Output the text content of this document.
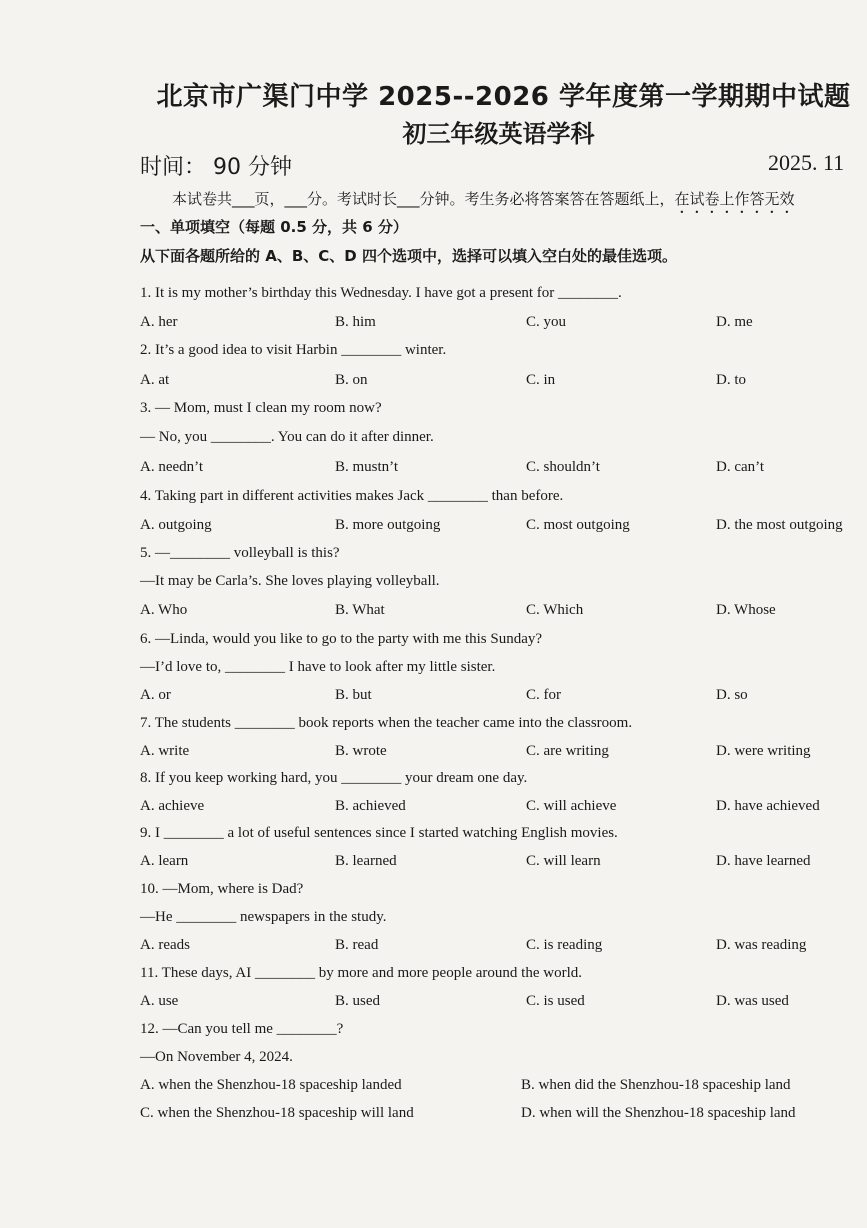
北京市广渠门中学 2025--2026 学年度第一学期期中试题
初三年级英语学科
时间： 90 分钟	2025. 11
本试卷共___页，___分。考试时长___分钟。考生务必将答案答在答题纸上，在试卷上作答无效
一、单项填空（每题 0.5 分，共 6 分）
从下面各题所给的 A、B、C、D 四个选项中，选择可以填入空白处的最佳选项。
1. It is my mother’s birthday this Wednesday. I have got a present for ________.
A. her	B. him	C. you	D. me
2. It’s a good idea to visit Harbin ________ winter.
A. at	B. on	C. in	D. to
3. — Mom, must I clean my room now?
— No, you ________. You can do it after dinner.
A. needn’t	B. mustn’t	C. shouldn’t	D. can’t
4. Taking part in different activities makes Jack ________ than before.
A. outgoing	B. more outgoing	C. most outgoing	D. the most outgoing
5. —________ volleyball is this?
—It may be Carla’s. She loves playing volleyball.
A. Who	B. What	C. Which	D. Whose
6. —Linda, would you like to go to the party with me this Sunday?
—I’d love to, ________ I have to look after my little sister.
A. or	B. but	C. for	D. so
7. The students ________ book reports when the teacher came into the classroom.
A. write	B. wrote	C. are writing	D. were writing
8. If you keep working hard, you ________ your dream one day.
A. achieve	B. achieved	C. will achieve	D. have achieved
9. I ________ a lot of useful sentences since I started watching English movies.
A. learn	B. learned	C. will learn	D. have learned
10. —Mom, where is Dad?
—He ________ newspapers in the study.
A. reads	B. read	C. is reading	D. was reading
11. These days, AI ________ by more and more people around the world.
A. use	B. used	C. is used	D. was used
12. —Can you tell me ________?
—On November 4, 2024.
A. when the Shenzhou-18 spaceship landed	B. when did the Shenzhou-18 spaceship land
C. when the Shenzhou-18 spaceship will land	D. when will the Shenzhou-18 spaceship land
